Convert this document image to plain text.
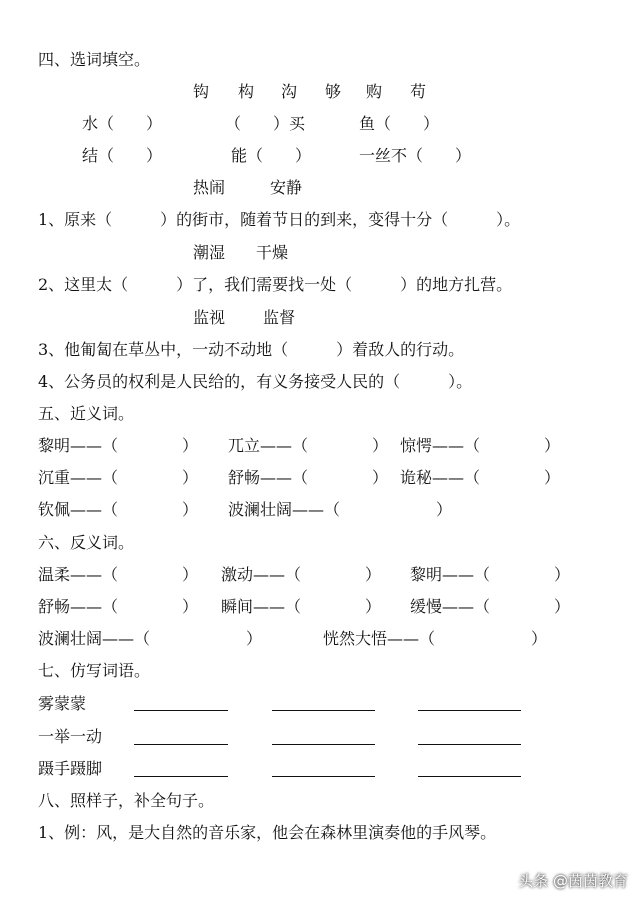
四、选词填空。
钩 构 沟 够 购 苟
水（　　）	（　　）买	鱼（　　）
结（　　）	能（　　）	一丝不（　　）
热闹	安静
1、原来（　　　）的街市，随着节日的到来，变得十分（　　　）。
潮湿 干燥
2、这里太（　　　）了，我们需要找一处（　　　）的地方扎营。
监视 监督
3、他匍匐在草丛中，一动不动地（　　　）着敌人的行动。
4、公务员的权利是人民给的，有义务接受人民的（　　　）。
五、近义词。
黎明——（　　　　） 兀立——（　　　　） 惊愕——（　　　　）
沉重——（　　　　） 舒畅——（　　　　） 诡秘——（　　　　）
钦佩——（　　　　） 波澜壮阔——（　　　　　　）
六、反义词。
温柔——（　　　　） 激动——（　　　　） 黎明——（　　　　）
舒畅——（　　　　） 瞬间——（　　　　） 缓慢——（　　　　）
波澜壮阔——（　　　　　　）	恍然大悟——（　　　　　　）
七、仿写词语。
雾蒙蒙
一举一动
蹑手蹑脚
八、照样子，补全句子。
1、例：风，是大自然的音乐家，他会在森林里演奏他的手风琴。
头条 @茵茵教育
